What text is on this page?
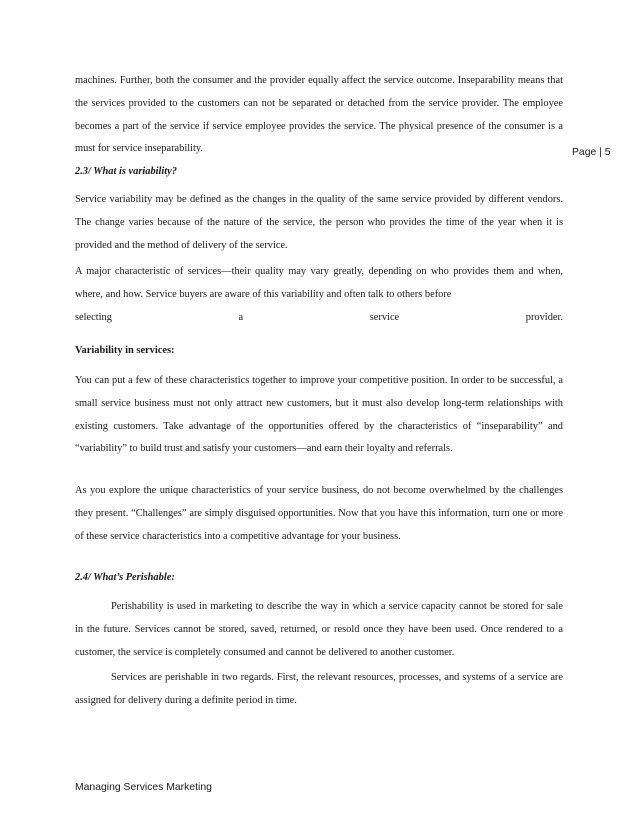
Page | 5

machines. Further, both the consumer and the provider equally affect the service outcome. Inseparability means that the services provided to the customers can not be separated or detached from the service provider. The employee becomes a part of the service if service employee provides the service. The physical presence of the consumer is a must for service inseparability.

2.3/ What is variability?

Service variability may be defined as the changes in the quality of the same service provided by different vendors. The change varies because of the nature of the service, the person who provides the time of the year when it is provided and the method of delivery of the service.

A major characteristic of services—their quality may vary greatly, depending on who provides them and when, where, and how. Service buyers are aware of this variability and often talk to others before

selecting	a	service	provider.

Variability in services:

You can put a few of these characteristics together to improve your competitive position. In order to be successful, a small service business must not only attract new customers, but it must also develop long-term relationships with existing customers. Take advantage of the opportunities offered by the characteristics of “inseparability” and “variability” to build trust and satisfy your customers—and earn their loyalty and referrals.

As you explore the unique characteristics of your service business, do not become overwhelmed by the challenges they present. “Challenges” are simply disguised opportunities. Now that you have this information, turn one or more of these service characteristics into a competitive advantage for your business.

2.4/ What’s Perishable:

Perishability is used in marketing to describe the way in which a service capacity cannot be stored for sale in the future. Services cannot be stored, saved, returned, or resold once they have been used. Once rendered to a customer, the service is completely consumed and cannot be delivered to another customer.

Services are perishable in two regards. First, the relevant resources, processes, and systems of a service are assigned for delivery during a definite period in time.

Managing Services Marketing
